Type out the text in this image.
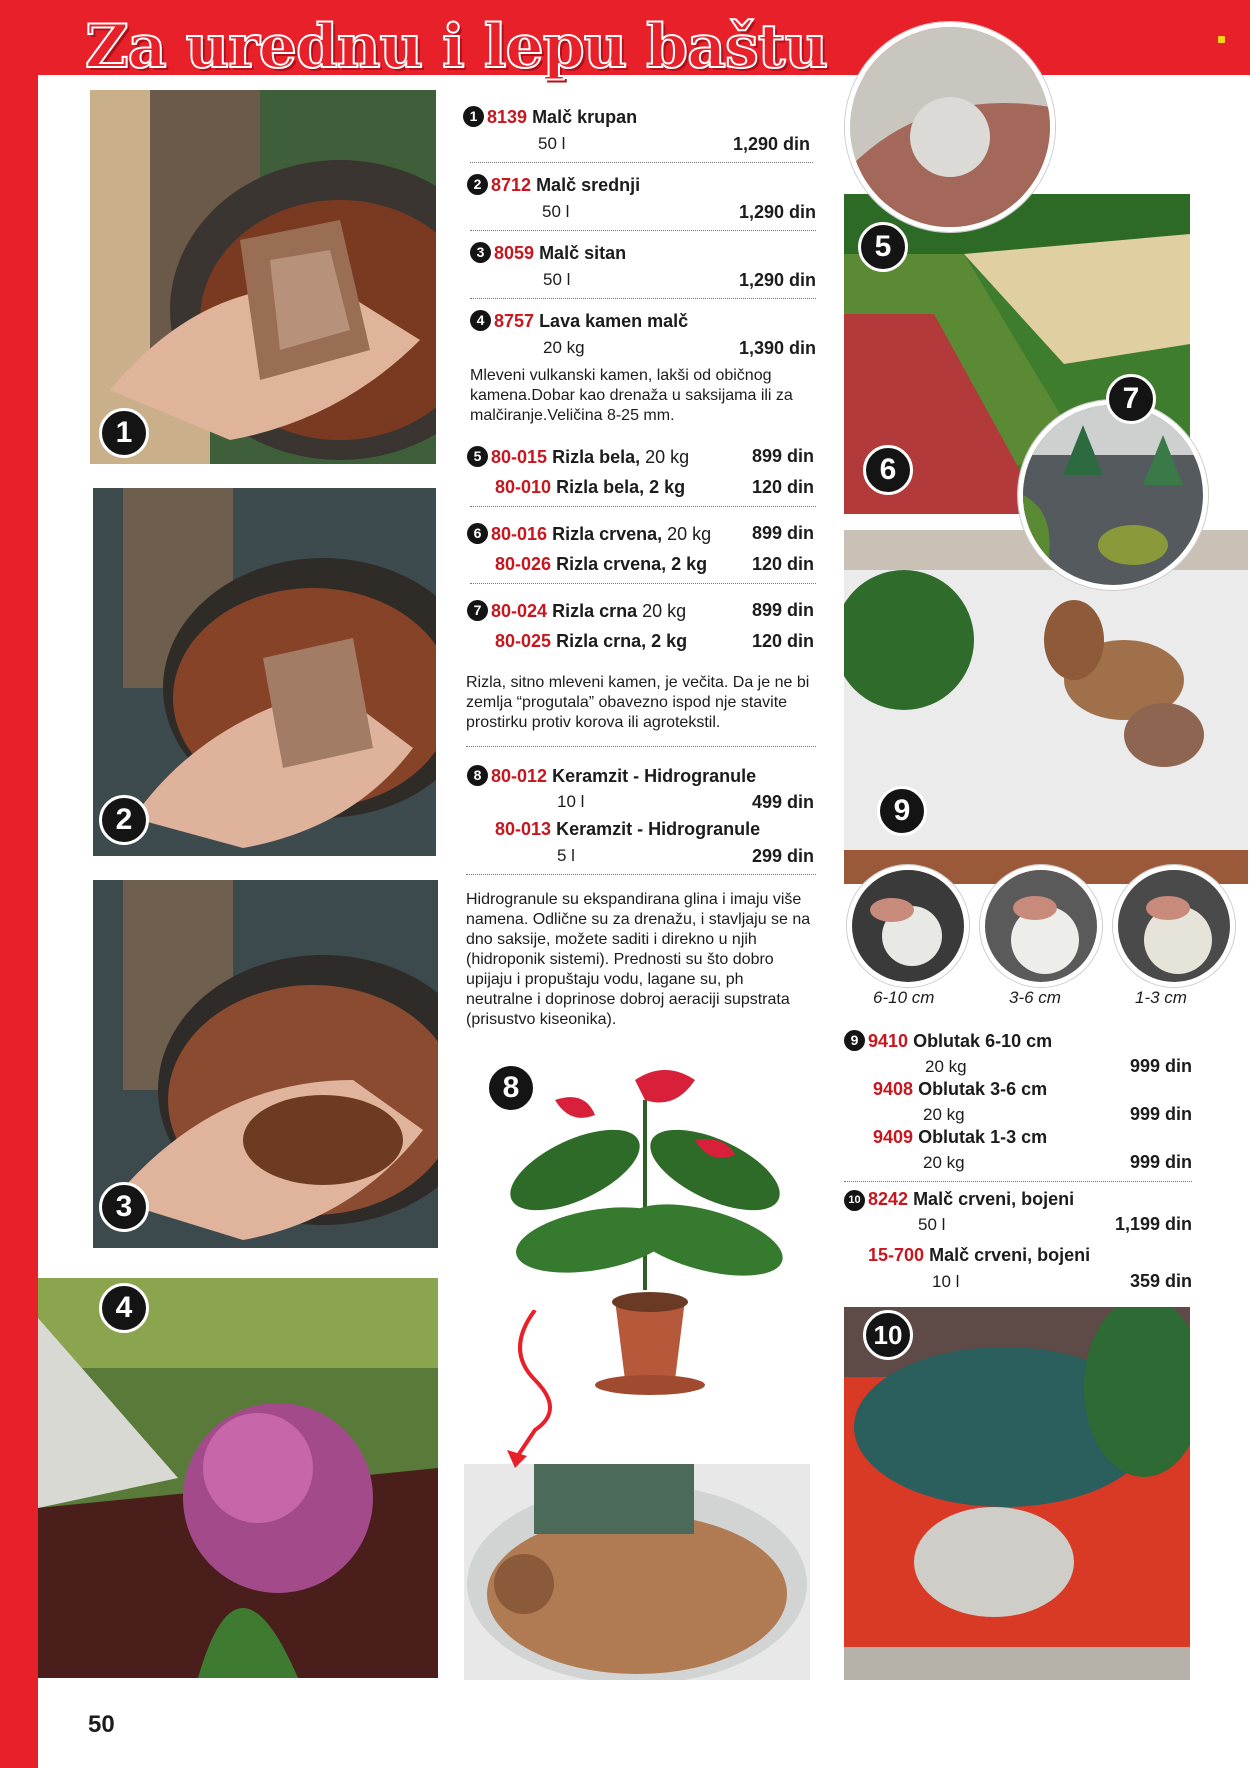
Za urednu i lepu baštu
6-10 cm	3-6 cm	1-3 cm
1
2
3
4
5
6
7
8
9
10
1 8139 Malč krupan
50 l	1,290 din
2 8712 Malč srednji
50 l	1,290 din
3 8059 Malč sitan
50 l	1,290 din
4 8757 Lava kamen malč
20 kg	1,390 din
Mleveni vulkanski kamen, lakši od običnog kamena.Dobar kao drenaža u saksijama ili za malčiranje.Veličina 8-25 mm.
5 80-015 Rizla bela, 20 kg	899 din
80-010 Rizla bela, 2 kg	120 din
6 80-016 Rizla crvena, 20 kg	899 din
80-026 Rizla crvena, 2 kg	120 din
7 80-024 Rizla crna 20 kg	899 din
80-025 Rizla crna, 2 kg	120 din
Rizla, sitno mleveni kamen, je večita. Da je ne bi zemlja “progutala” obavezno ispod nje stavite prostirku protiv korova ili agrotekstil.
8 80-012 Keramzit - Hidrogranule
10 l	499 din
80-013 Keramzit - Hidrogranule
5 l	299 din
Hidrogranule su ekspandirana glina i imaju više namena. Odlične su za drenažu, i stavljaju se na dno saksije, možete saditi i direkno u njih (hidroponik sistemi). Prednosti su što dobro upijaju i propuštaju vodu, lagane su, ph neutralne i doprinose dobroj aeraciji supstrata (prisustvo kiseonika).
9 9410 Oblutak 6-10 cm
20 kg	999 din
9408 Oblutak 3-6 cm
20 kg	999 din
9409 Oblutak 1-3 cm
20 kg	999 din
10 8242 Malč crveni, bojeni
50 l	1,199 din
15-700 Malč crveni, bojeni
10 l	359 din
50
